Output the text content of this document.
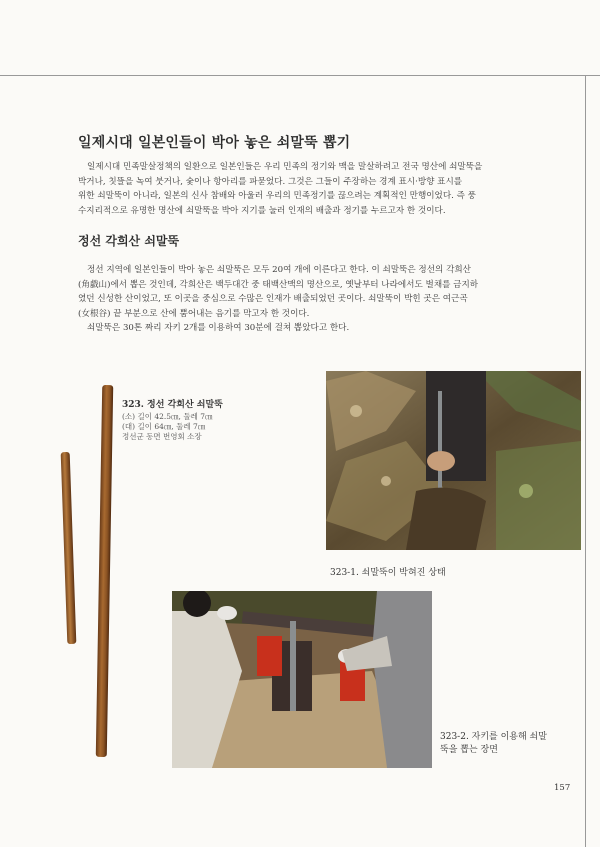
일제시대 일본인들이 박아 놓은 쇠말뚝 뽑기
일제시대 민족말살정책의 일환으로 일본인들은 우리 민족의 정기와 맥을 말살하려고 전국 명산에 쇠말뚝을
박거나, 칫뜰을 녹여 붓거나, 숯이나 항아리를 파묻었다. 그것은 그들이 주장하는 경계 표시·방향 표시를
위한 쇠말뚝이 아니라, 일본의 신사 참배와 아울러 우리의 민족정기를 끊으려는 계획적인 만행이었다. 즉 풍
수지리적으로 유명한 명산에 쇠말뚝을 박아 지기를 눌러 인재의 배출과 정기를 누르고자 한 것이다.
정선 각희산 쇠말뚝
정선 지역에 일본인들이 박아 놓은 쇠말뚝은 모두 20여 개에 이른다고 한다. 이 쇠말뚝은 정선의 각희산
(角戱山)에서 뽑은 것인데, 각희산은 백두대간 중 태백산맥의 명산으로, 옛날부터 나라에서도 벌채를 금지하
였던 신성한 산이었고, 또 이곳을 중심으로 수많은 인재가 배출되었던 곳이다. 쇠말뚝이 박힌 곳은 여근곡
(女根谷) 끝 부분으로 산에 뿜어내는 음기를 막고자 한 것이다.
쇠말뚝은 30톤 짜리 자키 2개를 이용하여 30분에 걸쳐 뽑았다고 한다.
323. 정선 각희산 쇠말뚝
(소) 길이 42.5㎝, 둘레 7㎝
(대) 길이 64㎝, 둘레 7㎝
정선군 동면 번영회 소장
323-1. 쇠말뚝이 박혀진 상태
323-2. 자키를 이용해 쇠말
뚝을 뽑는 장면
157
